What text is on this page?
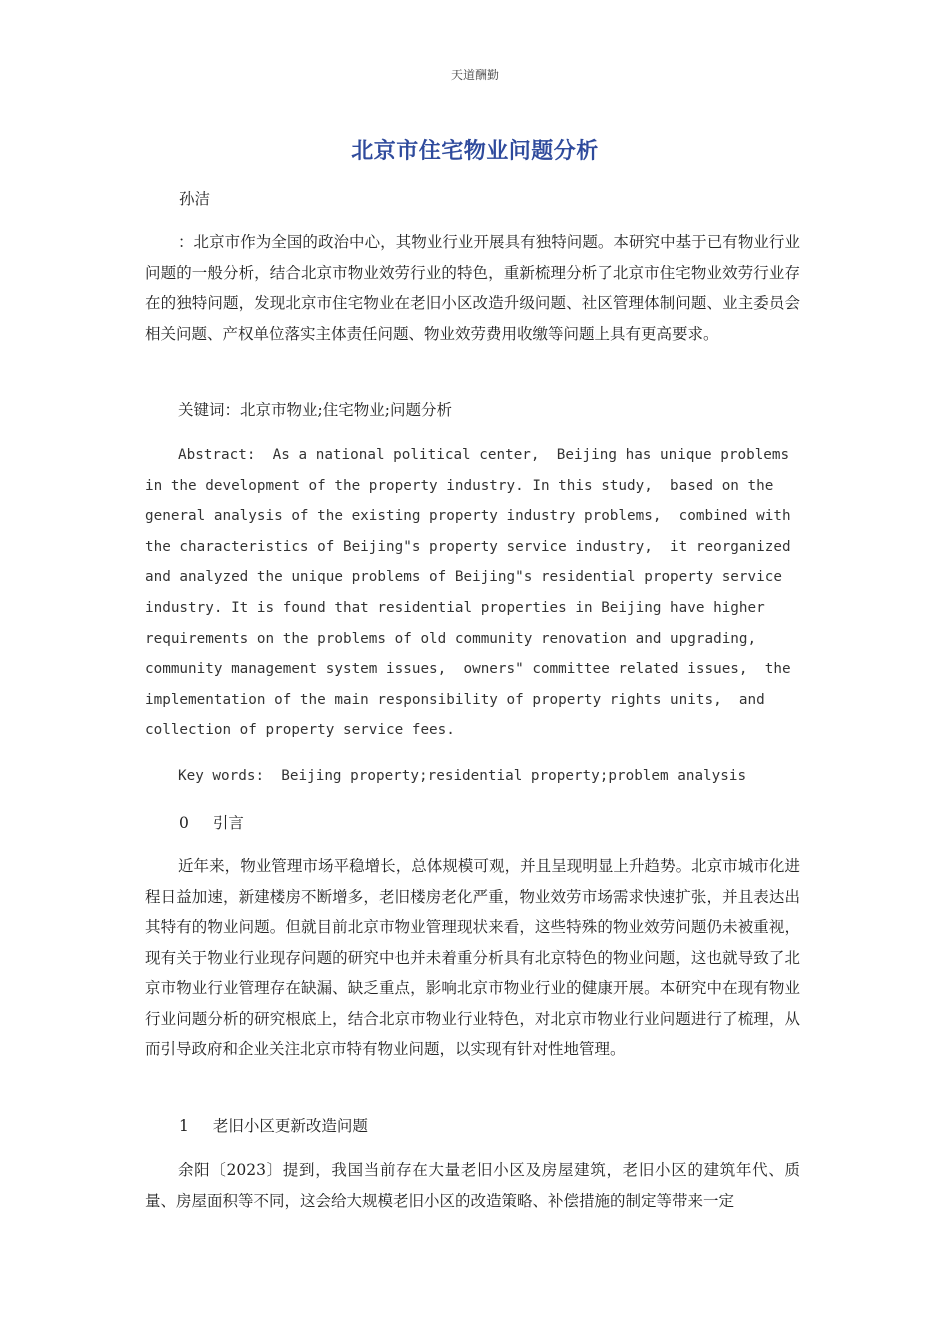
天道酬勤
北京市住宅物业问题分析
孙洁
：北京市作为全国的政治中心，其物业行业开展具有独特问题。本研究中基于已有物业行业问题的一般分析，结合北京市物业效劳行业的特色，重新梳理分析了北京市住宅物业效劳行业存在的独特问题，发现北京市住宅物业在老旧小区改造升级问题、社区管理体制问题、业主委员会相关问题、产权单位落实主体责任问题、物业效劳费用收缴等问题上具有更高要求。
关键词：北京市物业;住宅物业;问题分析
Abstract:  As a national political center,  Beijing has unique problems in the development of the property industry. In this study,  based on the general analysis of the existing property industry problems,  combined with the characteristics of Beijing"s property service industry,  it reorganized and analyzed the unique problems of Beijing"s residential property service industry. It is found that residential properties in Beijing have higher requirements on the problems of old community renovation and upgrading, community management system issues,  owners" committee related issues,  the implementation of the main responsibility of property rights units,  and collection of property service fees.
Key words:  Beijing property;residential property;problem analysis
0 引言
近年来，物业管理市场平稳增长，总体规模可观，并且呈现明显上升趋势。北京市城市化进程日益加速，新建楼房不断增多，老旧楼房老化严重，物业效劳市场需求快速扩张，并且表达出其特有的物业问题。但就目前北京市物业管理现状来看，这些特殊的物业效劳问题仍未被重视，现有关于物业行业现存问题的研究中也并未着重分析具有北京特色的物业问题，这也就导致了北京市物业行业管理存在缺漏、缺乏重点，影响北京市物业行业的健康开展。本研究中在现有物业行业问题分析的研究根底上，结合北京市物业行业特色，对北京市物业行业问题进行了梳理，从而引导政府和企业关注北京市特有物业问题，以实现有针对性地管理。
1 老旧小区更新改造问题
余阳〔2023〕提到，我国当前存在大量老旧小区及房屋建筑，老旧小区的建筑年代、质量、房屋面积等不同，这会给大规模老旧小区的改造策略、补偿措施的制定等带来一定
